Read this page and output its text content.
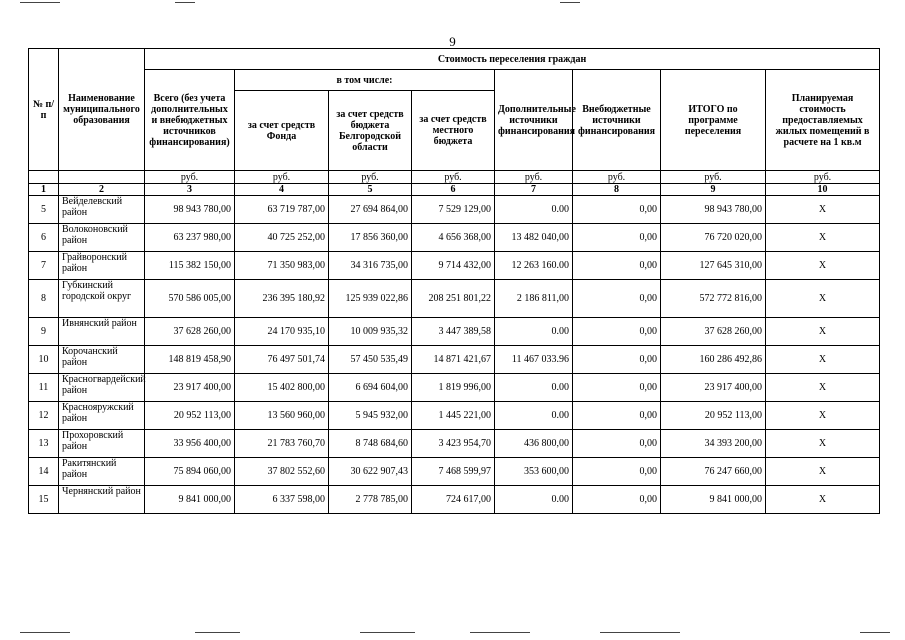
9
№ п/п	Наименование муниципального образования	Стоимость переселения граждан							
		Всего (без учета дополнительных и внебюджетных источников финансирования)	в том числе:			Дополнительные источники финансирования	Внебюджетные источники финансирования	ИТОГО по программе переселения	Планируемая стоимость предоставляемых жилых помещений в расчете на 1 кв.м
			за счет средств Фонда	за счет средств бюджета Белгородской области	за счет средств местного бюджета				
		руб.	руб.	руб.	руб.	руб.	руб.	руб.	руб.
1	2	3	4	5	6	7	8	9	10
5	Вейделевский район	98 943 780,00	63 719 787,00	27 694 864,00	7 529 129,00	0.00	0,00	98 943 780,00	X
6	Волоконовский район	63 237 980,00	40 725 252,00	17 856 360,00	4 656 368,00	13 482 040,00	0,00	76 720 020,00	X
7	Грайворонский район	115 382 150,00	71 350 983,00	34 316 735,00	9 714 432,00	12 263 160.00	0,00	127 645 310,00	X
8	Губкинский городской округ	570 586 005,00	236 395 180,92	125 939 022,86	208 251 801,22	2 186 811,00	0,00	572 772 816,00	X
9	Ивнянский район	37 628 260,00	24 170 935,10	10 009 935,32	3 447 389,58	0.00	0,00	37 628 260,00	X
10	Корочанский район	148 819 458,90	76 497 501,74	57 450 535,49	14 871 421,67	11 467 033.96	0,00	160 286 492,86	X
11	Красногвардейский район	23 917 400,00	15 402 800,00	6 694 604,00	1 819 996,00	0.00	0,00	23 917 400,00	X
12	Краснояружский район	20 952 113,00	13 560 960,00	5 945 932,00	1 445 221,00	0.00	0,00	20 952 113,00	X
13	Прохоровский район	33 956 400,00	21 783 760,70	8 748 684,60	3 423 954,70	436 800,00	0,00	34 393 200,00	X
14	Ракитянский район	75 894 060,00	37 802 552,60	30 622 907,43	7 468 599,97	353 600,00	0,00	76 247 660,00	X
15	Чернянский район	9 841 000,00	6 337 598,00	2 778 785,00	724 617,00	0.00	0,00	9 841 000,00	X
